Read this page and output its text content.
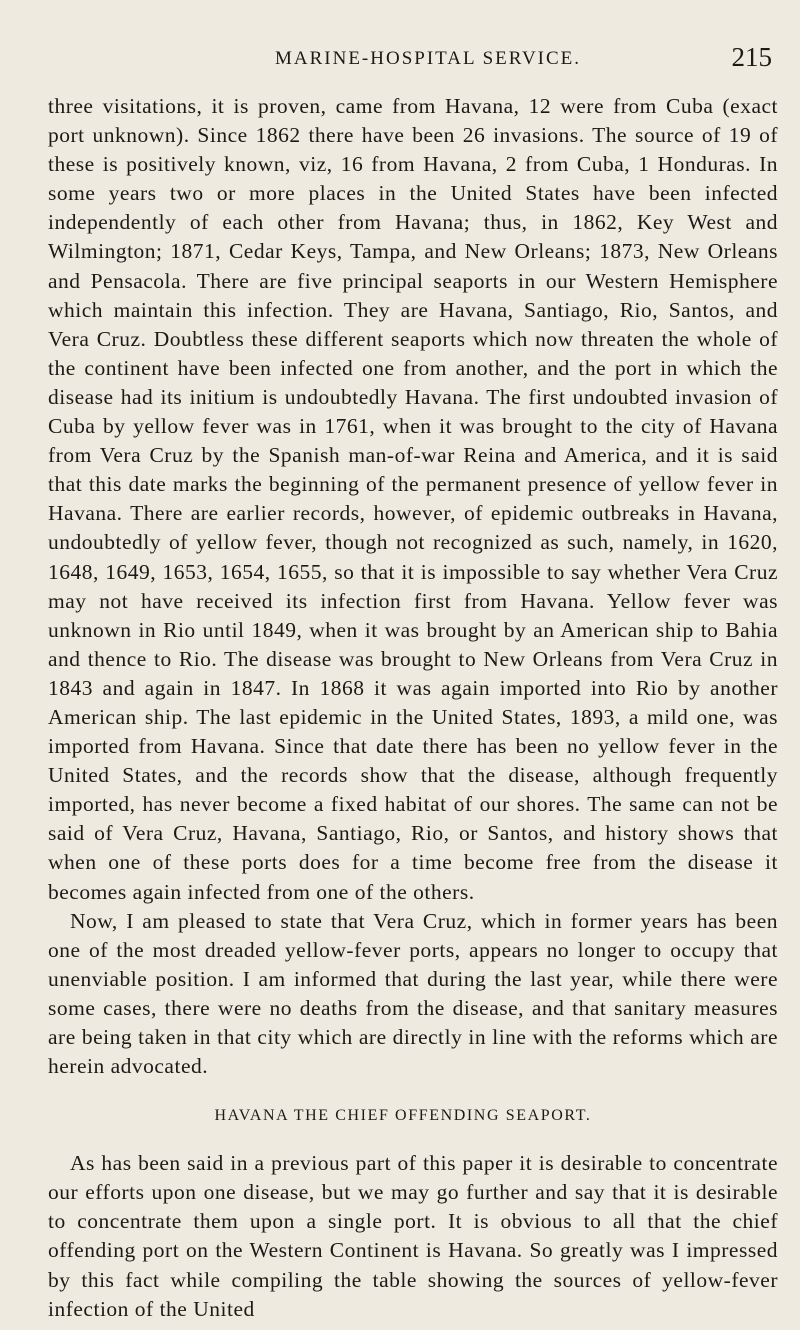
MARINE-HOSPITAL SERVICE.	215

three visitations, it is proven, came from Havana, 12 were from Cuba (exact port unknown). Since 1862 there have been 26 invasions. The source of 19 of these is positively known, viz, 16 from Havana, 2 from Cuba, 1 Honduras. In some years two or more places in the United States have been infected independently of each other from Havana; thus, in 1862, Key West and Wilmington; 1871, Cedar Keys, Tampa, and New Orleans; 1873, New Orleans and Pensacola. There are five principal seaports in our Western Hemisphere which maintain this infection. They are Havana, Santiago, Rio, Santos, and Vera Cruz. Doubtless these different seaports which now threaten the whole of the continent have been infected one from another, and the port in which the disease had its initium is undoubtedly Havana. The first undoubted invasion of Cuba by yellow fever was in 1761, when it was brought to the city of Havana from Vera Cruz by the Spanish man-of-war Reina and America, and it is said that this date marks the beginning of the permanent presence of yellow fever in Havana. There are earlier records, however, of epidemic outbreaks in Havana, undoubtedly of yellow fever, though not recognized as such, namely, in 1620, 1648, 1649, 1653, 1654, 1655, so that it is impossible to say whether Vera Cruz may not have received its infection first from Havana. Yellow fever was unknown in Rio until 1849, when it was brought by an American ship to Bahia and thence to Rio. The disease was brought to New Orleans from Vera Cruz in 1843 and again in 1847. In 1868 it was again imported into Rio by another American ship. The last epidemic in the United States, 1893, a mild one, was imported from Havana. Since that date there has been no yellow fever in the United States, and the records show that the disease, although frequently imported, has never become a fixed habitat of our shores. The same can not be said of Vera Cruz, Havana, Santiago, Rio, or Santos, and history shows that when one of these ports does for a time become free from the disease it becomes again infected from one of the others.

Now, I am pleased to state that Vera Cruz, which in former years has been one of the most dreaded yellow-fever ports, appears no longer to occupy that unenviable position. I am informed that during the last year, while there were some cases, there were no deaths from the disease, and that sanitary measures are being taken in that city which are directly in line with the reforms which are herein advocated.

HAVANA THE CHIEF OFFENDING SEAPORT.

As has been said in a previous part of this paper it is desirable to concentrate our efforts upon one disease, but we may go further and say that it is desirable to concentrate them upon a single port. It is obvious to all that the chief offending port on the Western Continent is Havana. So greatly was I impressed by this fact while compiling the table showing the sources of yellow-fever infection of the United
